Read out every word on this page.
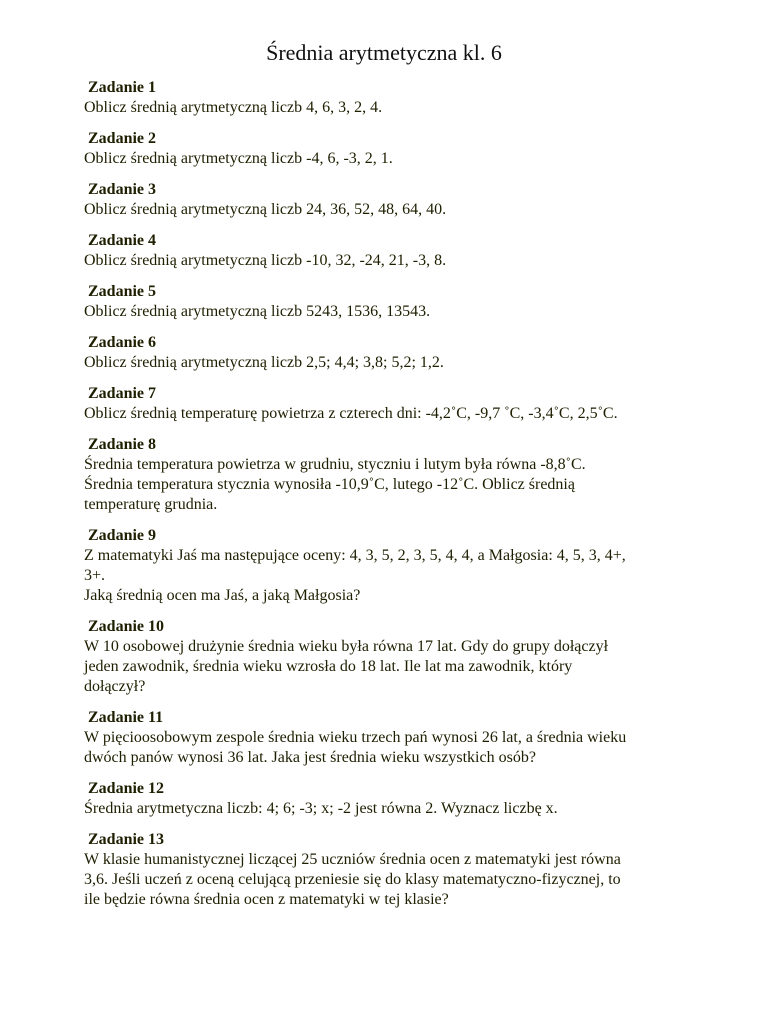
Średnia arytmetyczna kl. 6
Zadanie 1
Oblicz średnią arytmetyczną liczb 4, 6, 3, 2, 4.
Zadanie 2
Oblicz średnią arytmetyczną liczb -4, 6, -3, 2, 1.
Zadanie 3
Oblicz średnią arytmetyczną liczb 24, 36, 52, 48, 64, 40.
Zadanie 4
Oblicz średnią arytmetyczną liczb -10, 32, -24, 21, -3, 8.
Zadanie 5
Oblicz średnią arytmetyczną liczb 5243, 1536, 13543.
Zadanie 6
Oblicz średnią arytmetyczną liczb 2,5; 4,4; 3,8; 5,2; 1,2.
Zadanie 7
Oblicz średnią temperaturę powietrza z czterech dni: -4,2˚C, -9,7 ˚C, -3,4˚C, 2,5˚C.
Zadanie 8
Średnia temperatura powietrza w grudniu, styczniu i lutym była równa -8,8˚C.
Średnia temperatura stycznia wynosiła -10,9˚C, lutego -12˚C. Oblicz średnią
temperaturę grudnia.
Zadanie 9
Z matematyki Jaś ma następujące oceny: 4, 3, 5, 2, 3, 5, 4, 4, a Małgosia: 4, 5, 3, 4+,
3+.
Jaką średnią ocen ma Jaś, a jaką Małgosia?
Zadanie 10
W 10 osobowej drużynie średnia wieku była równa 17 lat. Gdy do grupy dołączył
jeden zawodnik, średnia wieku wzrosła do 18 lat. Ile lat ma zawodnik, który
dołączył?
Zadanie 11
W pięcioosobowym zespole średnia wieku trzech pań wynosi 26 lat, a średnia wieku
dwóch panów wynosi 36 lat. Jaka jest średnia wieku wszystkich osób?
Zadanie 12
Średnia arytmetyczna liczb: 4; 6; -3; x; -2 jest równa 2. Wyznacz liczbę x.
Zadanie 13
W klasie humanistycznej liczącej 25 uczniów średnia ocen z matematyki jest równa
3,6. Jeśli uczeń z oceną celującą przeniesie się do klasy matematyczno-fizycznej, to
ile będzie równa średnia ocen z matematyki w tej klasie?
